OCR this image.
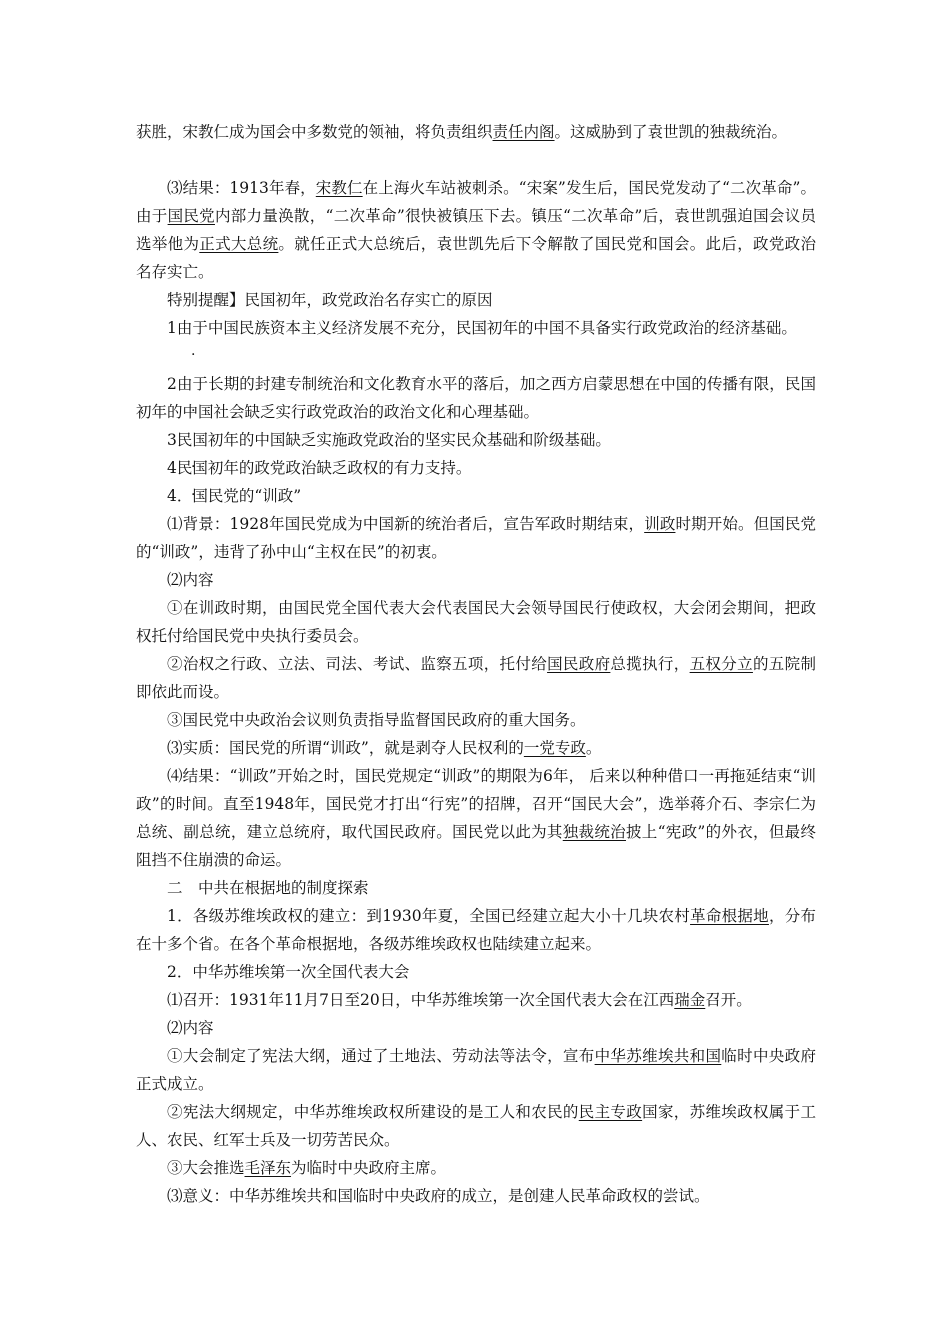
获胜，宋教仁成为国会中多数党的领袖，将负责组织责任内阁。这威胁到了袁世凯的独裁统治。

⑶结果：1913年春，宋教仁在上海火车站被刺杀。“宋案”发生后，国民党发动了“二次革命”。由于国民党内部力量涣散，“二次革命”很快被镇压下去。镇压“二次革命”后，袁世凯强迫国会议员选举他为正式大总统。就任正式大总统后，袁世凯先后下令解散了国民党和国会。此后，政党政治名存实亡。

特别提醒】民国初年，政党政治名存实亡的原因

1由于中国民族资本主义经济发展不充分，民国初年的中国不具备实行政党政治的经济基础。

2由于长期的封建专制统治和文化教育水平的落后，加之西方启蒙思想在中国的传播有限，民国初年的中国社会缺乏实行政党政治的政治文化和心理基础。

3民国初年的中国缺乏实施政党政治的坚实民众基础和阶级基础。

4民国初年的政党政治缺乏政权的有力支持。

4．国民党的“训政”

⑴背景：1928年国民党成为中国新的统治者后，宣告军政时期结束，训政时期开始。但国民党的“训政”，违背了孙中山“主权在民”的初衷。

⑵内容

①在训政时期，由国民党全国代表大会代表国民大会领导国民行使政权，大会闭会期间，把政权托付给国民党中央执行委员会。

②治权之行政、立法、司法、考试、监察五项，托付给国民政府总揽执行，五权分立的五院制即依此而设。

③国民党中央政治会议则负责指导监督国民政府的重大国务。

⑶实质：国民党的所谓“训政”，就是剥夺人民权利的一党专政。

⑷结果：“训政”开始之时，国民党规定“训政”的期限为6年， 后来以种种借口一再拖延结束“训政”的时间。直至1948年，国民党才打出“行宪”的招牌，召开“国民大会”，选举蒋介石、李宗仁为总统、副总统，建立总统府，取代国民政府。国民党以此为其独裁统治披上“宪政”的外衣，但最终阻挡不住崩溃的命运。

二　中共在根据地的制度探索

1．各级苏维埃政权的建立：到1930年夏，全国已经建立起大小十几块农村革命根据地，分布在十多个省。在各个革命根据地，各级苏维埃政权也陆续建立起来。

2．中华苏维埃第一次全国代表大会

⑴召开：1931年11月7日至20日，中华苏维埃第一次全国代表大会在江西瑞金召开。

⑵内容

①大会制定了宪法大纲，通过了土地法、劳动法等法令，宣布中华苏维埃共和国临时中央政府正式成立。

②宪法大纲规定，中华苏维埃政权所建设的是工人和农民的民主专政国家，苏维埃政权属于工人、农民、红军士兵及一切劳苦民众。

③大会推选毛泽东为临时中央政府主席。

⑶意义：中华苏维埃共和国临时中央政府的成立，是创建人民革命政权的尝试。
